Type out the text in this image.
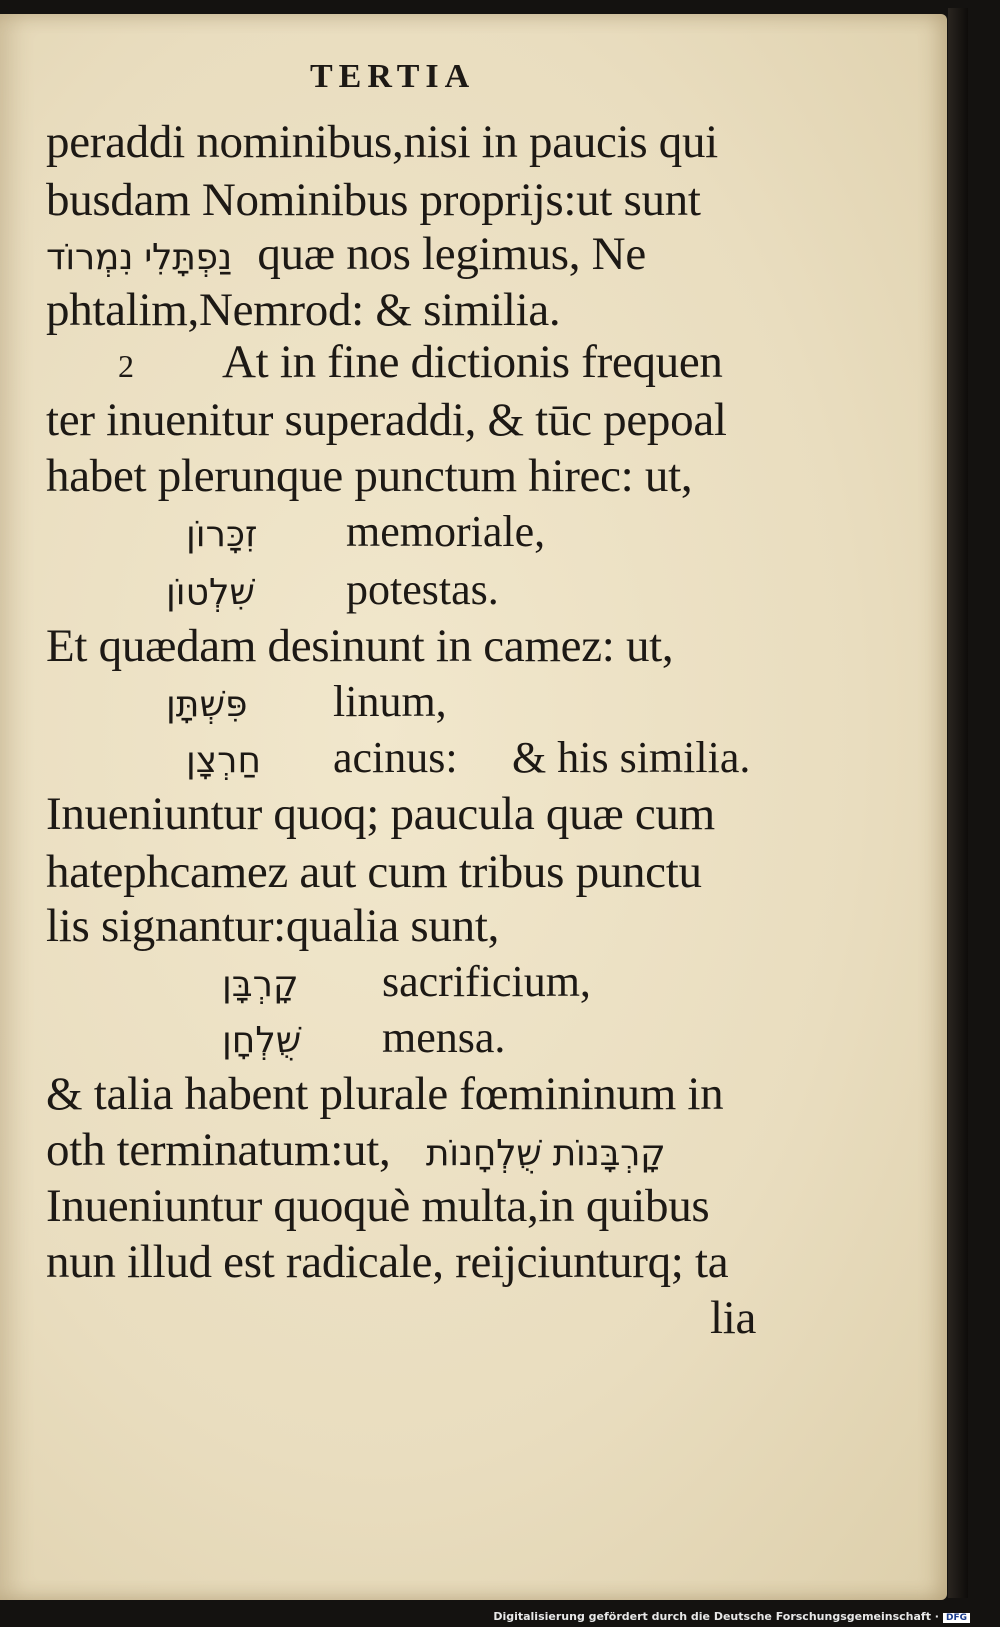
TERTIA
peraddi nominibus,nisi in paucis qui
busdam Nominibus proprijs:ut sunt
נַפְתָּלִי נִמְרוֹד quæ nos legimus, Ne
phtalim,Nemrod: & similia.
2 At in fine dictionis frequen
ter inuenitur superaddi, & tūc pepoal
habet plerunque punctum hirec: ut,
זִכָּרוֹן memoriale,
שִׁלְטוֹן potestas.
Et quædam desinunt in camez: ut,
פִּשְׁתָּן linum,
חַרְצָן acinus: & his similia.
Inueniuntur quoq; paucula quæ cum
hatephcamez aut cum tribus punctu
lis signantur:qualia sunt,
קָרְבָּן sacrificium,
שֻׁלְחָן mensa.
& talia habent plurale fœmininum in
oth terminatum:ut, קָרְבָּנוֹת שֻׁלְחָנוֹת
Inueniuntur quoquè multa,in quibus
nun illud est radicale, reijciunturq; ta
lia
Digitalisierung gefördert durch die Deutsche Forschungsgemeinschaft · DFG
